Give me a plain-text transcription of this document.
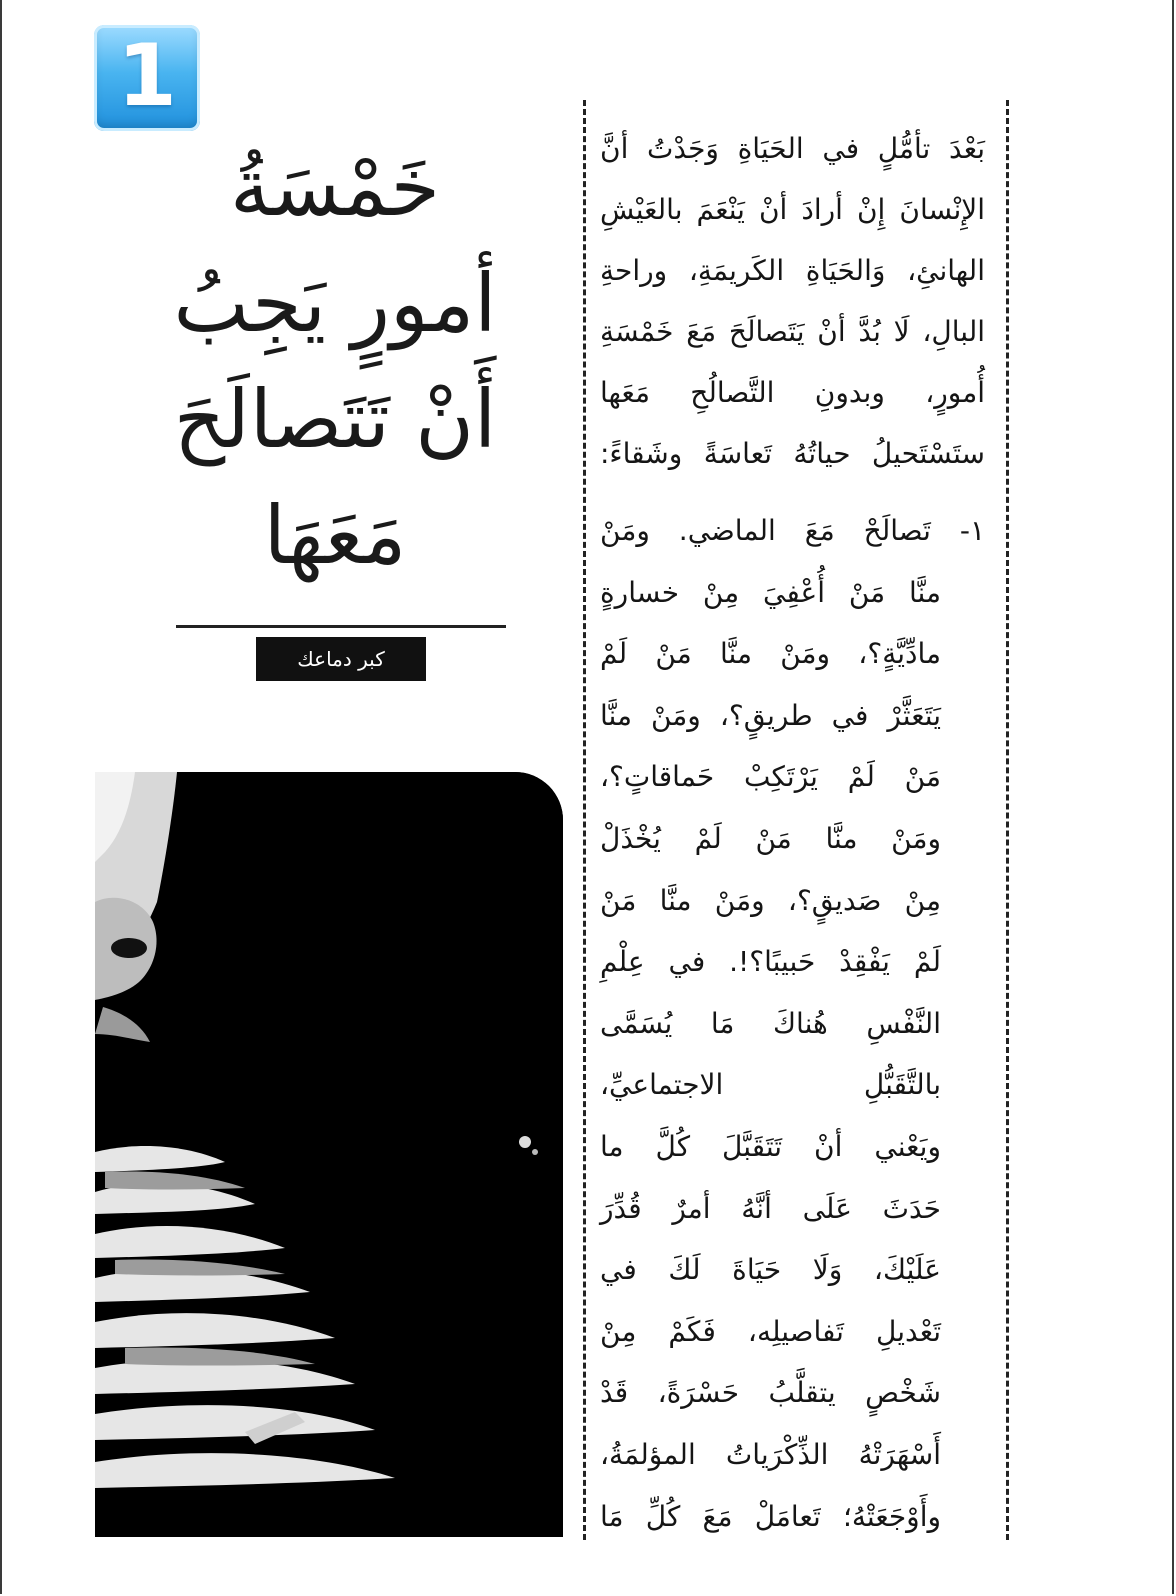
1
خَمْسَةُ
أمورٍ يَجِبُ
أَنْ تَتَصالَحَ
مَعَهَا
كبر دماعك
بَعْدَ تأمُّلٍ في الحَيَاةِ وَجَدْتُ أنَّ
الإِنْسانَ إِنْ أرادَ أنْ يَنْعَمَ بالعَيْشِ
الهانئِ، وَالحَيَاةِ الكَريمَةِ، وراحةِ
البالِ، لَا بُدَّ أنْ يَتَصالَحَ مَعَ خَمْسَةِ
أُمورٍ، وبدونِ التَّصالُحِ مَعَها
ستَسْتَحيلُ حياتُهُ تَعاسَةً وشَقاءً:
١- تَصالَحْ مَعَ الماضي. ومَنْ
منَّا مَنْ أُعْفِيَ مِنْ خسارةٍ
مادِّيَّةٍ؟، ومَنْ منَّا مَنْ لَمْ
يَتَعَثَّرْ في طريقٍ؟، ومَنْ منَّا
مَنْ لَمْ يَرْتَكِبْ حَماقاتٍ؟،
ومَنْ منَّا مَنْ لَمْ يُخْذَلْ
مِنْ صَديقٍ؟، ومَنْ منَّا مَنْ
لَمْ يَفْقِدْ حَبيبًا؟!. في عِلْمِ
النَّفْسِ هُناكَ مَا يُسَمَّى
بالتَّقَبُّلِ الاجتماعيِّ،
ويَعْني أنْ تَتَقَبَّلَ كُلَّ ما
حَدَثَ عَلَى أنَّهُ أمرٌ قُدِّرَ
عَلَيْكَ، وَلَا حَيَاةَ لَكَ في
تَعْديلِ تَفاصيلِه، فَكَمْ مِنْ
شَخْصٍ يتقلَّبُ حَسْرَةً، قَدْ
أَسْهَرَتْهُ الذِّكْرَياتُ المؤلمَةُ،
وأَوْجَعَتْهُ؛ تَعامَلْ مَعَ كُلِّ مَا
